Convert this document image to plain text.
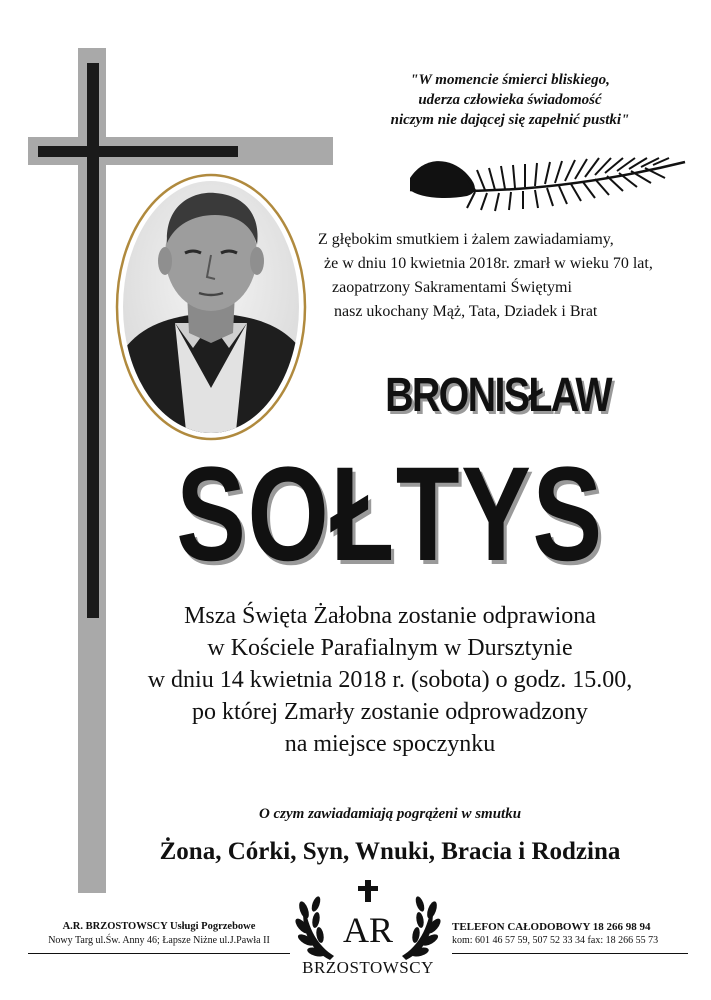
"W momencie śmierci bliskiego,
uderza człowieka świadomość
niczym nie dającej się zapełnić pustki"
Z głębokim smutkiem i żalem zawiadamiamy,
że w dniu 10 kwietnia 2018r. zmarł w wieku 70 lat,
zaopatrzony Sakramentami Świętymi
nasz ukochany Mąż, Tata, Dziadek i Brat
BRONISŁAW
SOŁTYS
Msza Święta Żałobna zostanie odprawiona
w Kościele Parafialnym w Dursztynie
w dniu 14 kwietnia 2018 r. (sobota) o godz. 15.00,
po której Zmarły zostanie odprowadzony
na miejsce spoczynku
O czym zawiadamiają pogrążeni w smutku
Żona, Córki, Syn, Wnuki, Bracia i Rodzina
A.R. BRZOSTOWSCY Usługi Pogrzebowe
Nowy Targ ul.Św. Anny 46; Łapsze Niżne ul.J.Pawła II
TELEFON CAŁODOBOWY 18 266 98 94
kom: 601 46 57 59, 507 52 33 34 fax: 18 266 55 73
AR
BRZOSTOWSCY
